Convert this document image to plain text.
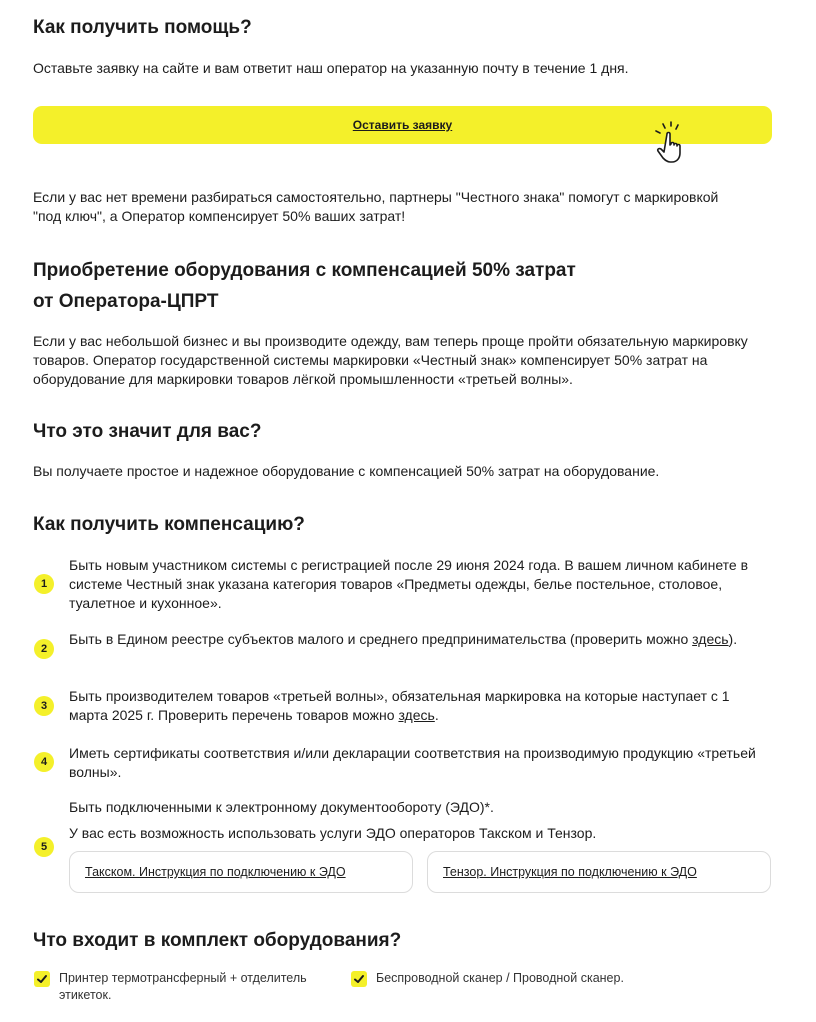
Как получить помощь?

Оставьте заявку на сайте и вам ответит наш оператор на указанную почту в течение 1 дня.

Оставить заявку

Если у вас нет времени разбираться самостоятельно, партнеры "Честного знака" помогут с маркировкой "под ключ", а Оператор компенсирует 50% ваших затрат!

Приобретение оборудования с компенсацией 50% затрат
от Оператора-ЦПРТ

Если у вас небольшой бизнес и вы производите одежду, вам теперь проще пройти обязательную маркировку товаров. Оператор государственной системы маркировки «Честный знак» компенсирует 50% затрат на оборудование для маркировки товаров лёгкой промышленности «третьей волны».

Что это значит для вас?

Вы получаете простое и надежное оборудование с компенсацией 50% затрат на оборудование.

Как получить компенсацию?
1

Быть новым участником системы с регистрацией после 29 июня 2024 года. В вашем личном кабинете в системе Честный знак указана категория товаров «Предметы одежды, белье постельное, столовое, туалетное и кухонное».

2

Быть в Едином реестре субъектов малого и среднего предпринимательства (проверить можно здесь).

3

Быть производителем товаров «третьей волны», обязательная маркировка на которые наступает с 1 марта 2025 г. Проверить перечень товаров можно здесь.

4

Иметь сертификаты соответствия и/или декларации соответствия на производимую продукцию «третьей волны».

5

Быть подключенными к электронному документообороту (ЭДО)*.

У вас есть возможность использовать услуги ЭДО операторов Такском и Тензор.

Такском. Инструкция по подключению к ЭДО	Тензор. Инструкция по подключению к ЭДО
Что входит в комплект оборудования?
Принтер термотрансферный + отделитель этикеток.
Беспроводной сканер / Проводной сканер.
